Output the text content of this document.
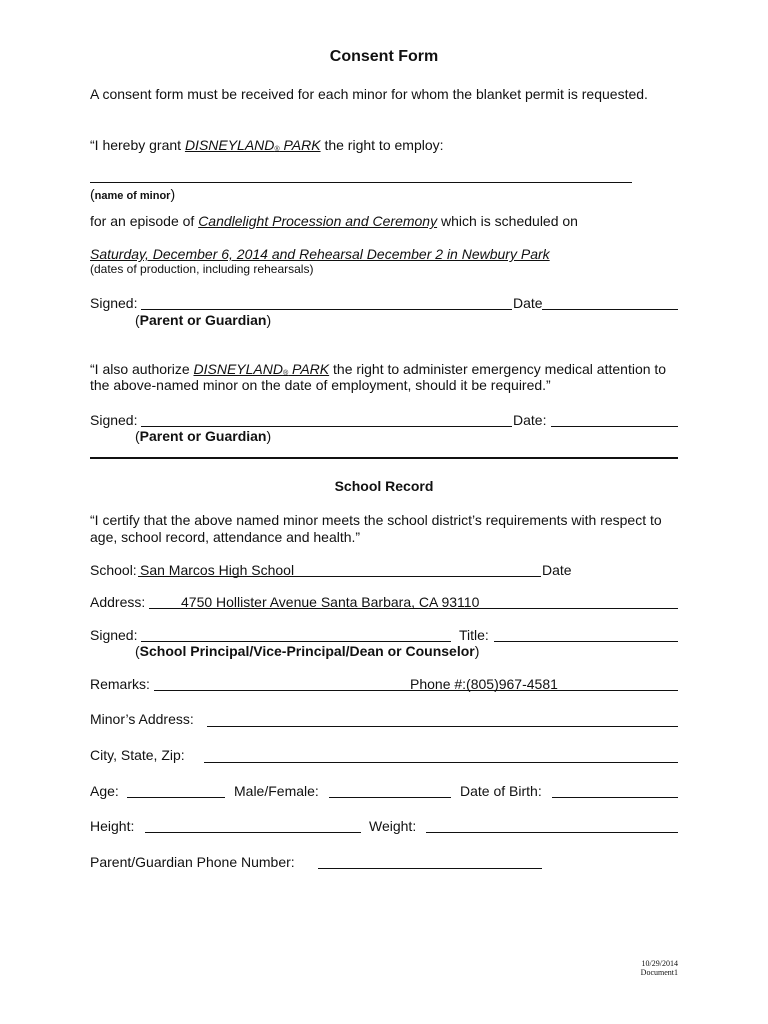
Consent Form
A consent form must be received for each minor for whom the blanket permit is requested.
“I hereby grant DISNEYLAND® PARK the right to employ:
(name of minor)
for an episode of Candlelight Procession and Ceremony which is scheduled on
Saturday, December 6, 2014 and Rehearsal December 2 in Newbury Park
(dates of production, including rehearsals)
Signed:	Date
(Parent or Guardian)
“I also authorize DISNEYLAND® PARK the right to administer emergency medical attention to
the above-named minor on the date of employment, should it be required.”
Signed:	Date:
(Parent or Guardian)
School Record
“I certify that the above named minor meets the school district’s requirements with respect to
age, school record, attendance and health.”
School: San Marcos High School	Date
Address:	4750 Hollister Avenue Santa Barbara, CA 93110
Signed:	Title:
(School Principal/Vice-Principal/Dean or Counselor)
Remarks:	Phone #:(805)967-4581
Minor’s Address:
City, State, Zip:
Age:	Male/Female:	Date of Birth:
Height:	Weight:
Parent/Guardian Phone Number:
10/29/2014
Document1
